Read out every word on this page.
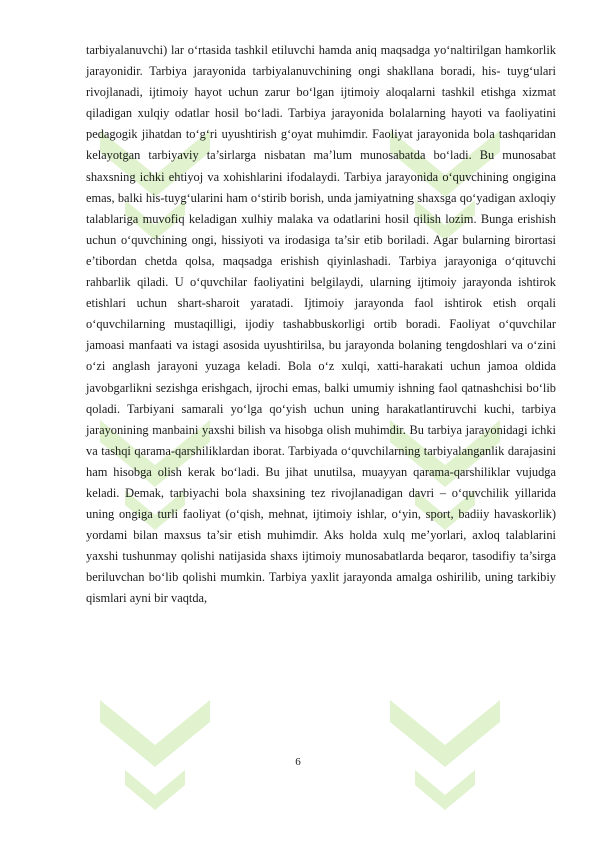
tarbiyalanuvchi) lar oʻrtasida tashkil etiluvchi hamda aniq maqsadga yoʻnaltirilgan hamkorlik jarayonidir. Tarbiya jarayonida tarbiyalanuvchining ongi shakllana boradi, his- tuygʻulari rivojlanadi, ijtimoiy hayot uchun zarur boʻlgan ijtimoiy aloqalarni tashkil etishga xizmat qiladigan xulqiy odatlar hosil boʻladi. Tarbiya jarayonida bolalarning hayoti va faoliyatini pedagogik jihatdan toʻgʻri uyushtirish gʻoyat muhimdir. Faoliyat jarayonida bola tashqaridan kelayotgan tarbiyaviy ta’sirlarga nisbatan ma’lum munosabatda boʻladi. Bu munosabat shaxsning ichki ehtiyoj va xohishlarini ifodalaydi. Tarbiya jarayonida oʻquvchining ongigina emas, balki his-tuygʻularini ham oʻstirib borish, unda jamiyatning shaxsga qoʻyadigan axloqiy talablariga muvofiq keladigan xulhiy malaka va odatlarini hosil qilish lozim. Bunga erishish uchun oʻquvchining ongi, hissiyoti va irodasiga ta’sir etib boriladi. Agar bularning birortasi e’tibordan chetda qolsa, maqsadga erishish qiyinlashadi. Tarbiya jarayoniga oʻqituvchi rahbarlik qiladi. U oʻquvchilar faoliyatini belgilaydi, ularning ijtimoiy jarayonda ishtirok etishlari uchun shart-sharoit yaratadi. Ijtimoiy jarayonda faol ishtirok etish orqali oʻquvchilarning mustaqilligi, ijodiy tashabbuskorligi ortib boradi. Faoliyat oʻquvchilar jamoasi manfaati va istagi asosida uyushtirilsa, bu jarayonda bolaning tengdoshlari va oʻzini oʻzi anglash jarayoni yuzaga keladi. Bola oʻz xulqi, xatti-harakati uchun jamoa oldida javobgarlikni sezishga erishgach, ijrochi emas, balki umumiy ishning faol qatnashchisi boʻlib qoladi. Tarbiyani samarali yoʻlga qoʻyish uchun uning harakatlantiruvchi kuchi, tarbiya jarayonining manbaini yaxshi bilish va hisobga olish muhimdir. Bu tarbiya jarayonidagi ichki va tashqi qarama-qarshiliklardan iborat. Tarbiyada oʻquvchilarning tarbiyalanganlik darajasini ham hisobga olish kerak boʻladi. Bu jihat unutilsa, muayyan qarama-qarshiliklar vujudga keladi. Demak, tarbiyachi bola shaxsining tez rivojlanadigan davri – oʻquvchilik yillarida uning ongiga turli faoliyat (oʻqish, mehnat, ijtimoiy ishlar, oʻyin, sport, badiiy havaskorlik) yordami bilan maxsus ta’sir etish muhimdir. Aks holda xulq me’yorlari, axloq talablarini yaxshi tushunmay qolishi natijasida shaxs ijtimoiy munosabatlarda beqaror, tasodifiy ta’sirga beriluvchan boʻlib qolishi mumkin. Tarbiya yaxlit jarayonda amalga oshirilib, uning tarkibiy qismlari ayni bir vaqtda,

6
